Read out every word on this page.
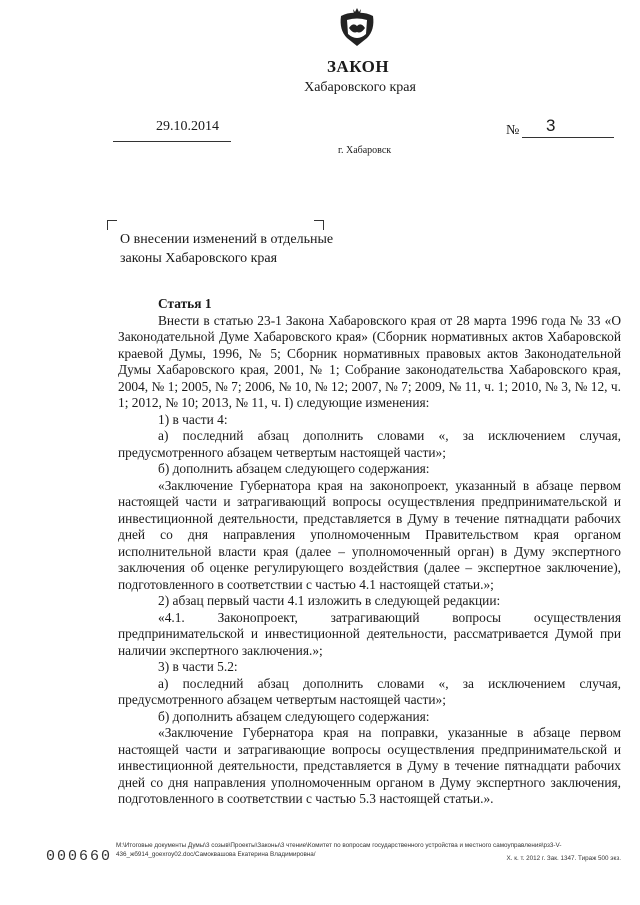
ЗАКОН
Хабаровского края
29.10.2014	№ 3
г. Хабаровск
О внесении изменений в отдельные
законы Хабаровского края

Статья 1

Внести в статью 23-1 Закона Хабаровского края от 28 марта 1996 года № 33 «О Законодательной Думе Хабаровского края» (Сборник нормативных актов Хабаровской краевой Думы, 1996, № 5; Сборник нормативных правовых актов Законодательной Думы Хабаровского края, 2001, № 1; Собрание законодательства Хабаровского края, 2004, № 1; 2005, № 7; 2006, № 10, № 12; 2007, № 7; 2009, № 11, ч. 1; 2010, № 3, № 12, ч. 1; 2012, № 10; 2013, № 11, ч. I) следующие изменения:

1) в части 4:

а) последний абзац дополнить словами «, за исключением случая, предусмотренного абзацем четвертым настоящей части»;

б) дополнить абзацем следующего содержания:

«Заключение Губернатора края на законопроект, указанный в абзаце первом настоящей части и затрагивающий вопросы осуществления предпринимательской и инвестиционной деятельности, представляется в Думу в течение пятнадцати рабочих дней со дня направления уполномоченным Правительством края органом исполнительной власти края (далее – уполномоченный орган) в Думу экспертного заключения об оценке регулирующего воздействия (далее – экспертное заключение), подготовленного в соответствии с частью 4.1 настоящей статьи.»;

2) абзац первый части 4.1 изложить в следующей редакции:

«4.1. Законопроект, затрагивающий вопросы осуществления предпринимательской и инвестиционной деятельности, рассматривается Думой при наличии экспертного заключения.»;

3) в части 5.2:

а) последний абзац дополнить словами «, за исключением случая, предусмотренного абзацем четвертым настоящей части»;

б) дополнить абзацем следующего содержания:

«Заключение Губернатора края на поправки, указанные в абзаце первом настоящей части и затрагивающие вопросы осуществления предпринимательской и инвестиционной деятельности, представляется в Думу в течение пятнадцати рабочих дней со дня направления уполномоченным органом в Думу экспертного заключения, подготовленного в соответствии с частью 5.3 настоящей статьи.».

000660
М:\Итоговые документы Думы\3 созыв\Проекты\Законы\3 чтение\Комитет по вопросам государственного устройства и местного самоуправления\рз3-V-436_жб914_goexroy02.doc/Самоквашова Екатерина Владимировна/
Х. к. т. 2012 г. Зак. 1347. Тираж 500 экз.
